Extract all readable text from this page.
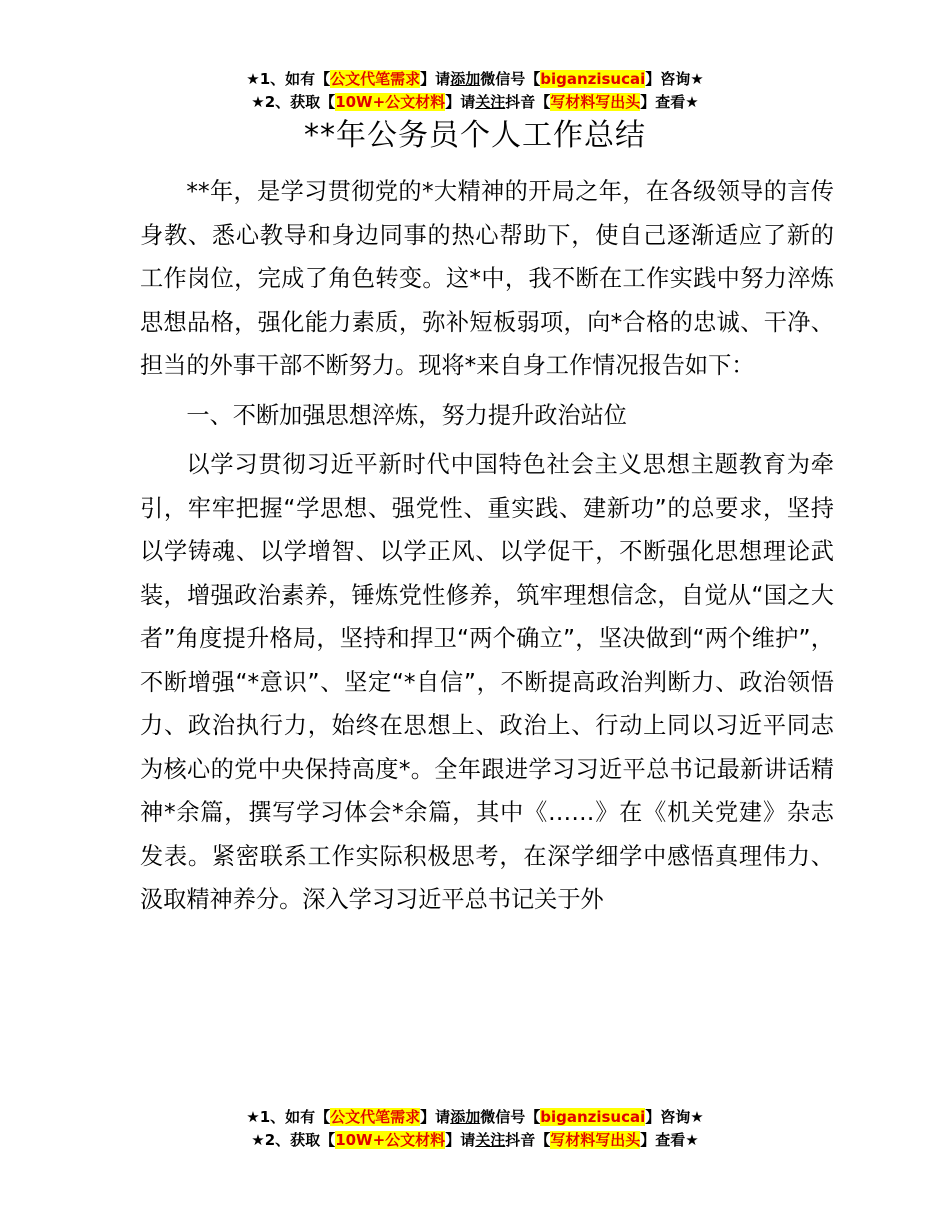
★1、如有【公文代笔需求】请添加微信号【biganzisucai】咨询★
★2、获取【10W+公文材料】请关注抖音【写材料写出头】查看★
**年公务员个人工作总结

**年，是学习贯彻党的*大精神的开局之年，在各级领导的言传身教、悉心教导和身边同事的热心帮助下，使自己逐渐适应了新的工作岗位，完成了角色转变。这*中，我不断在工作实践中努力淬炼思想品格，强化能力素质，弥补短板弱项，向*合格的忠诚、干净、担当的外事干部不断努力。现将*来自身工作情况报告如下：

一、不断加强思想淬炼，努力提升政治站位

以学习贯彻习近平新时代中国特色社会主义思想主题教育为牵引，牢牢把握“学思想、强党性、重实践、建新功”的总要求，坚持以学铸魂、以学增智、以学正风、以学促干，不断强化思想理论武装，增强政治素养，锤炼党性修养，筑牢理想信念，自觉从“国之大者”角度提升格局，坚持和捍卫“两个确立”，坚决做到“两个维护”，不断增强“*意识”、坚定“*自信”，不断提高政治判断力、政治领悟力、政治执行力，始终在思想上、政治上、行动上同以习近平同志为核心的党中央保持高度*。全年跟进学习习近平总书记最新讲话精神*余篇，撰写学习体会*余篇，其中《……》在《机关党建》杂志发表。紧密联系工作实际积极思考，在深学细学中感悟真理伟力、汲取精神养分。深入学习习近平总书记关于外

★1、如有【公文代笔需求】请添加微信号【biganzisucai】咨询★
★2、获取【10W+公文材料】请关注抖音【写材料写出头】查看★
